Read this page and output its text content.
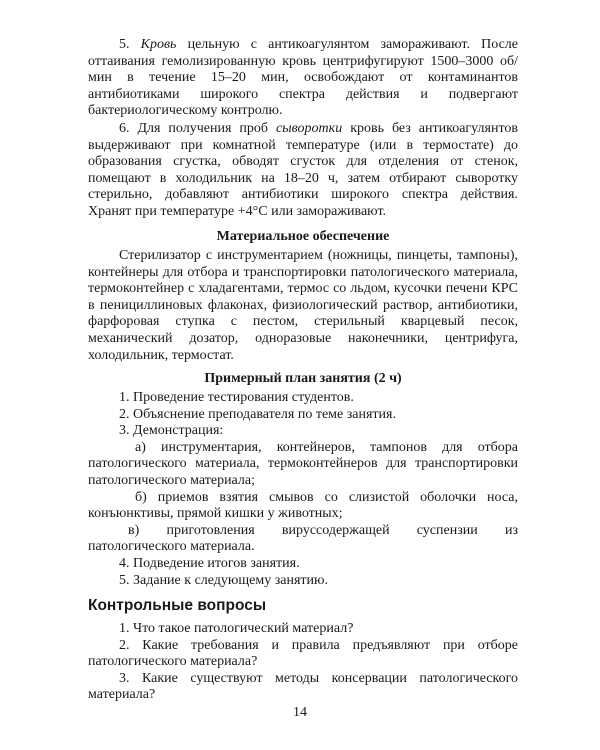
5. Кровь цельную с антикоагулянтом замораживают. После оттаивания гемолизированную кровь центрифугируют 1500–3000 об/мин в течение 15–20 мин, освобождают от контаминантов антибиотиками широкого спектра действия и подвергают бактериологическому контролю.

6. Для получения проб сыворотки кровь без антикоагулянтов выдерживают при комнатной температуре (или в термостате) до образования сгустка, обводят сгусток для отделения от стенок, помещают в холодильник на 18–20 ч, затем отбирают сыворотку стерильно, добавляют антибиотики широкого спектра действия. Хранят при температуре +4°С или замораживают.

Материальное обеспечение

Стерилизатор с инструментарием (ножницы, пинцеты, тампоны), контейнеры для отбора и транспортировки патологического материала, термоконтейнер с хладагентами, термос со льдом, кусочки печени КРС в пенициллиновых флаконах, физиологический раствор, антибиотики, фарфоровая ступка с пестом, стерильный кварцевый песок, механический дозатор, одноразовые наконечники, центрифуга, холодильник, термостат.

Примерный план занятия (2 ч)

1. Проведение тестирования студентов.

2. Объяснение преподавателя по теме занятия.

3. Демонстрация:

а) инструментария, контейнеров, тампонов для отбора патологического материала, термоконтейнеров для транспортировки патологического материала;

б) приемов взятия смывов со слизистой оболочки носа, конъюнктивы, прямой кишки у животных;

в) приготовления вируссодержащей суспензии из патологического материала.

4. Подведение итогов занятия.

5. Задание к следующему занятию.

Контрольные вопросы

1. Что такое патологический материал?

2. Какие требования и правила предъявляют при отборе патологического материала?

3. Какие существуют методы консервации патологического материала?

14
